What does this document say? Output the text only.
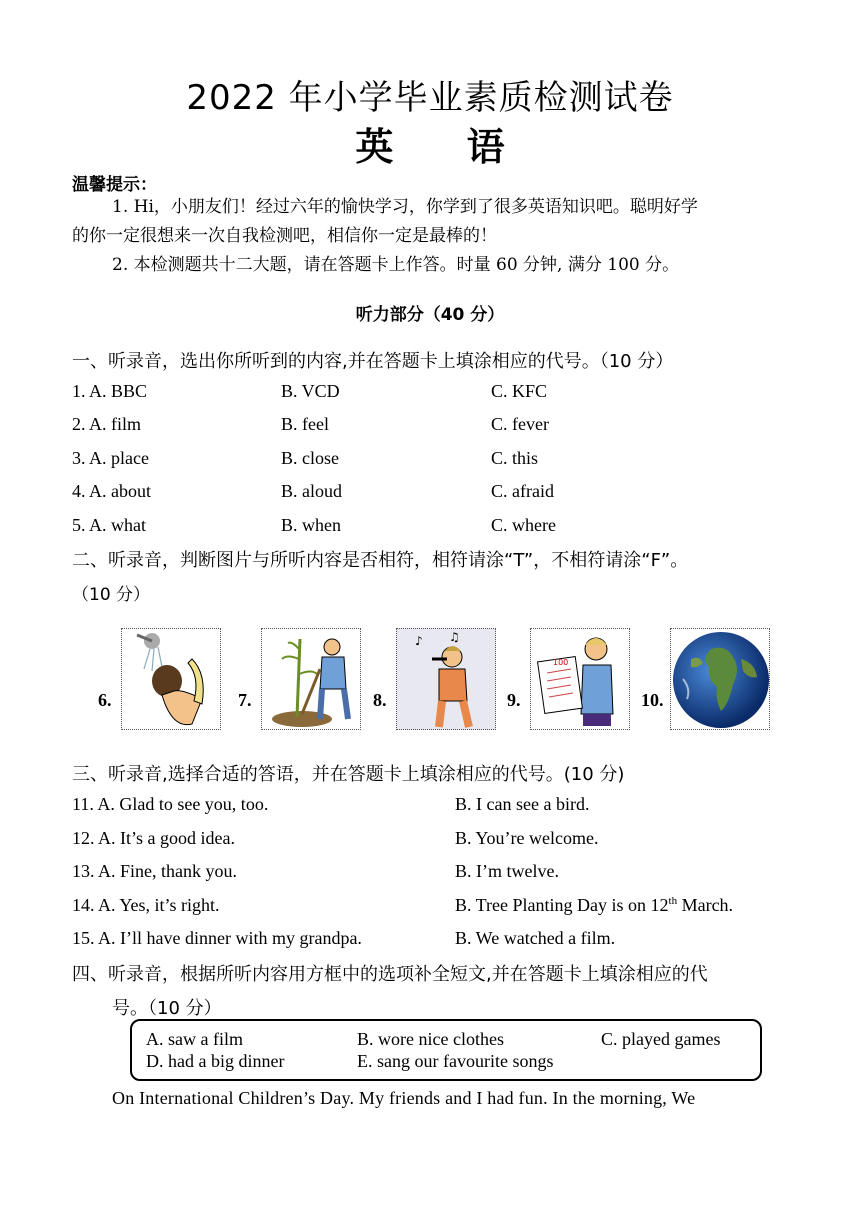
2022 年小学毕业素质检测试卷
英 语
温馨提示：
1. Hi，小朋友们！经过六年的愉快学习，你学到了很多英语知识吧。聪明好学
的你一定很想来一次自我检测吧，相信你一定是最棒的！
2. 本检测题共十二大题，请在答题卡上作答。时量 60 分钟, 满分 100 分。
听力部分（40 分）
一、听录音，选出你所听到的内容,并在答题卡上填涂相应的代号。（10 分）
1. A. BBC	B. VCD	C. KFC
2. A. film	B. feel	C. fever
3. A. place	B. close	C. this
4. A. about	B. aloud	C. afraid
5. A. what	B. when	C. where
二、听录音，判断图片与所听内容是否相符，相符请涂“T”，不相符请涂“F”。
（10 分）
6.	7.	8.
♪ ♫
9.
100
10.
三、听录音,选择合适的答语，并在答题卡上填涂相应的代号。(10 分)
11. A. Glad to see you, too.	B. I can see a bird.
12. A. It’s a good idea.	B. You’re welcome.
13. A. Fine, thank you.	B. I’m twelve.
14. A. Yes, it’s right.	B. Tree Planting Day is on 12th March.
15. A. I’ll have dinner with my grandpa.	B. We watched a film.
四、听录音，根据所听内容用方框中的选项补全短文,并在答题卡上填涂相应的代
号。（10 分）
A. saw a film	B. wore nice clothes	C. played games
D. had a big dinner	E. sang our favourite songs
On International Children’s Day. My friends and I had fun. In the morning, We
